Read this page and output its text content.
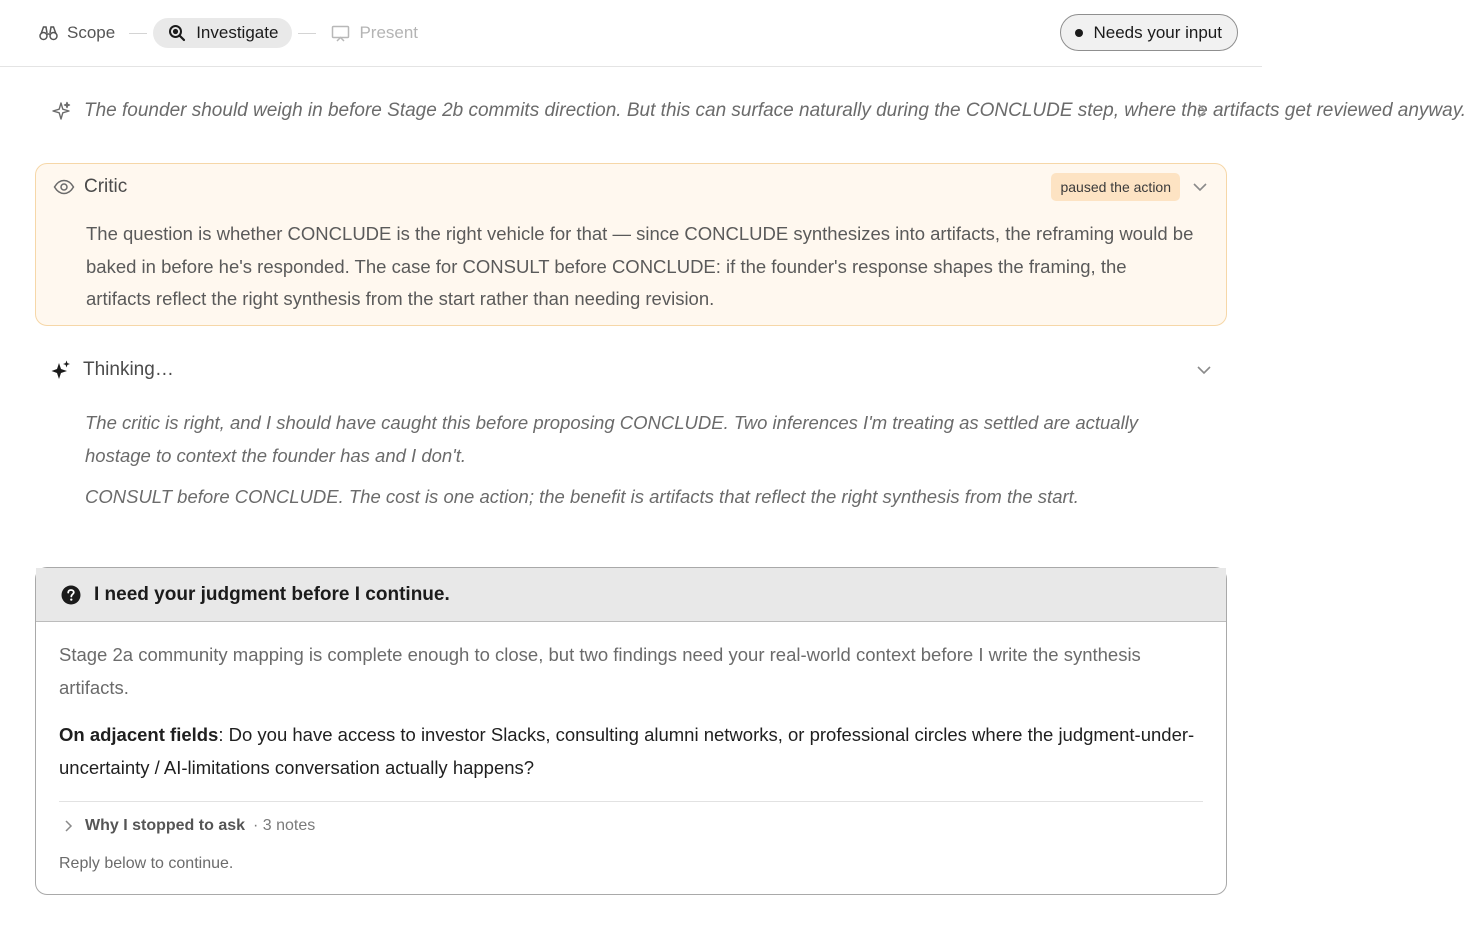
Scope	Investigate	Present	Needs your input
The founder should weigh in before Stage 2b commits direction. But this can surface naturally during the CONCLUDE step, where the artifacts get reviewed anyway.
Critic	paused the action
The question is whether CONCLUDE is the right vehicle for that — since CONCLUDE synthesizes into artifacts, the reframing would be baked in before he's responded. The case for CONSULT before CONCLUDE: if the founder's response shapes the framing, the artifacts reflect the right synthesis from the start rather than needing revision.
Thinking…

The critic is right, and I should have caught this before proposing CONCLUDE. Two inferences I'm treating as settled are actually hostage to context the founder has and I don't.

CONSULT before CONCLUDE. The cost is one action; the benefit is artifacts that reflect the right synthesis from the start.

I need your judgment before I continue.
Stage 2a community mapping is complete enough to close, but two findings need your real-world context before I write the synthesis artifacts.
On adjacent fields: Do you have access to investor Slacks, consulting alumni networks, or professional circles where the judgment-under-uncertainty / AI-limitations conversation actually happens?
Why I stopped to ask · 3 notes
Reply below to continue.
